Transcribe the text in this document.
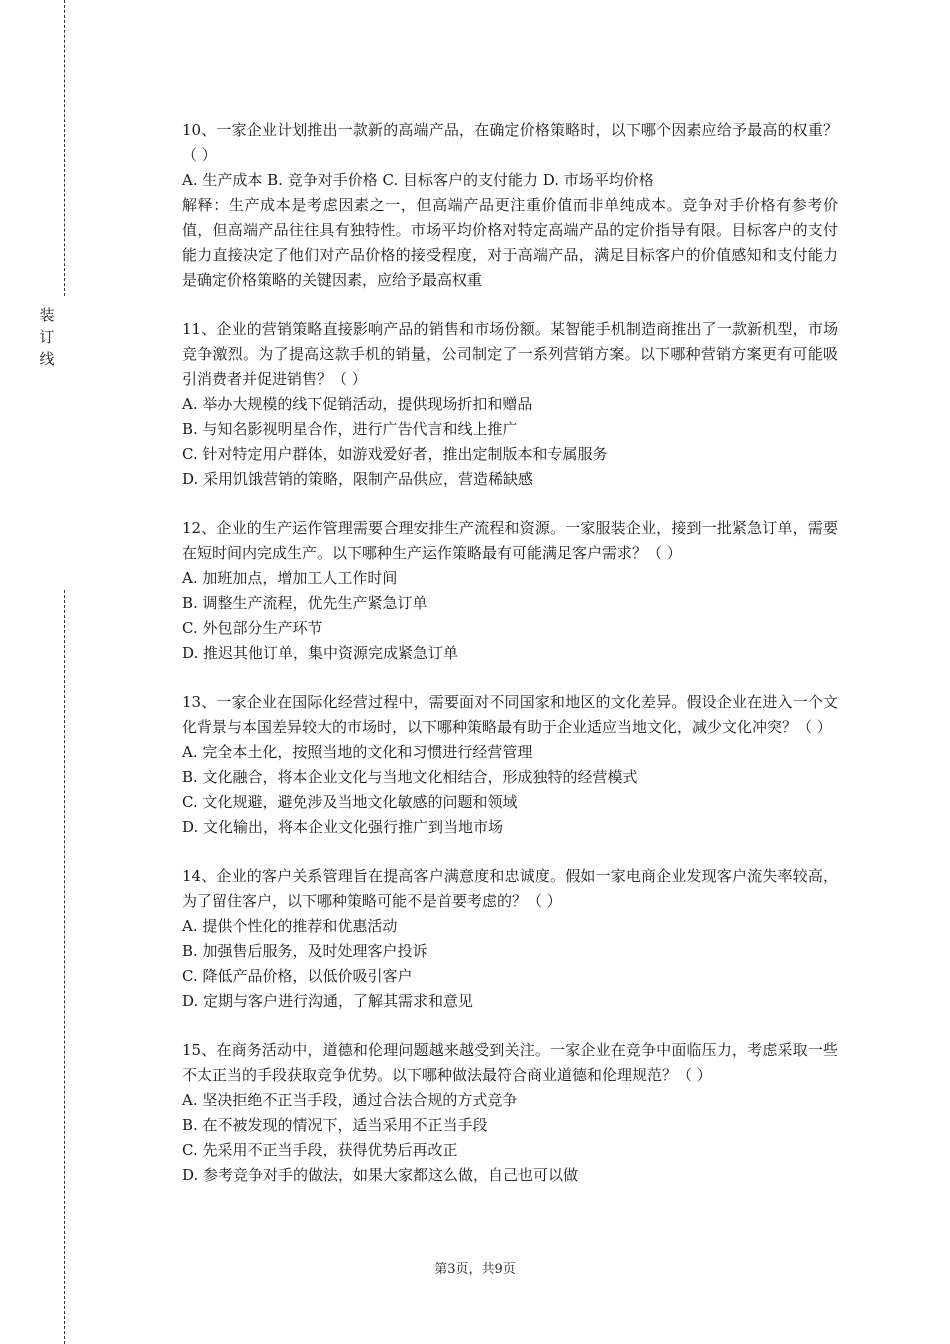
装
订
线

10、一家企业计划推出一款新的高端产品，在确定价格策略时，以下哪个因素应给予最高的权重？（ ）

A. 生产成本 B. 竞争对手价格 C. 目标客户的支付能力 D. 市场平均价格

解释：生产成本是考虑因素之一，但高端产品更注重价值而非单纯成本。竞争对手价格有参考价值，但高端产品往往具有独特性。市场平均价格对特定高端产品的定价指导有限。目标客户的支付能力直接决定了他们对产品价格的接受程度，对于高端产品，满足目标客户的价值感知和支付能力是确定价格策略的关键因素，应给予最高权重

11、企业的营销策略直接影响产品的销售和市场份额。某智能手机制造商推出了一款新机型，市场竞争激烈。为了提高这款手机的销量，公司制定了一系列营销方案。以下哪种营销方案更有可能吸引消费者并促进销售？（ ）

A. 举办大规模的线下促销活动，提供现场折扣和赠品

B. 与知名影视明星合作，进行广告代言和线上推广

C. 针对特定用户群体，如游戏爱好者，推出定制版本和专属服务

D. 采用饥饿营销的策略，限制产品供应，营造稀缺感

12、企业的生产运作管理需要合理安排生产流程和资源。一家服装企业，接到一批紧急订单，需要在短时间内完成生产。以下哪种生产运作策略最有可能满足客户需求？（ ）

A. 加班加点，增加工人工作时间

B. 调整生产流程，优先生产紧急订单

C. 外包部分生产环节

D. 推迟其他订单，集中资源完成紧急订单

13、一家企业在国际化经营过程中，需要面对不同国家和地区的文化差异。假设企业在进入一个文化背景与本国差异较大的市场时，以下哪种策略最有助于企业适应当地文化，减少文化冲突？（ ）

A. 完全本土化，按照当地的文化和习惯进行经营管理

B. 文化融合，将本企业文化与当地文化相结合，形成独特的经营模式

C. 文化规避，避免涉及当地文化敏感的问题和领域

D. 文化输出，将本企业文化强行推广到当地市场

14、企业的客户关系管理旨在提高客户满意度和忠诚度。假如一家电商企业发现客户流失率较高，为了留住客户，以下哪种策略可能不是首要考虑的？（ ）

A. 提供个性化的推荐和优惠活动

B. 加强售后服务，及时处理客户投诉

C. 降低产品价格，以低价吸引客户

D. 定期与客户进行沟通，了解其需求和意见

15、在商务活动中，道德和伦理问题越来越受到关注。一家企业在竞争中面临压力，考虑采取一些不太正当的手段获取竞争优势。以下哪种做法最符合商业道德和伦理规范？（ ）

A. 坚决拒绝不正当手段，通过合法合规的方式竞争

B. 在不被发现的情况下，适当采用不正当手段

C. 先采用不正当手段，获得优势后再改正

D. 参考竞争对手的做法，如果大家都这么做，自己也可以做

第3页，共9页
